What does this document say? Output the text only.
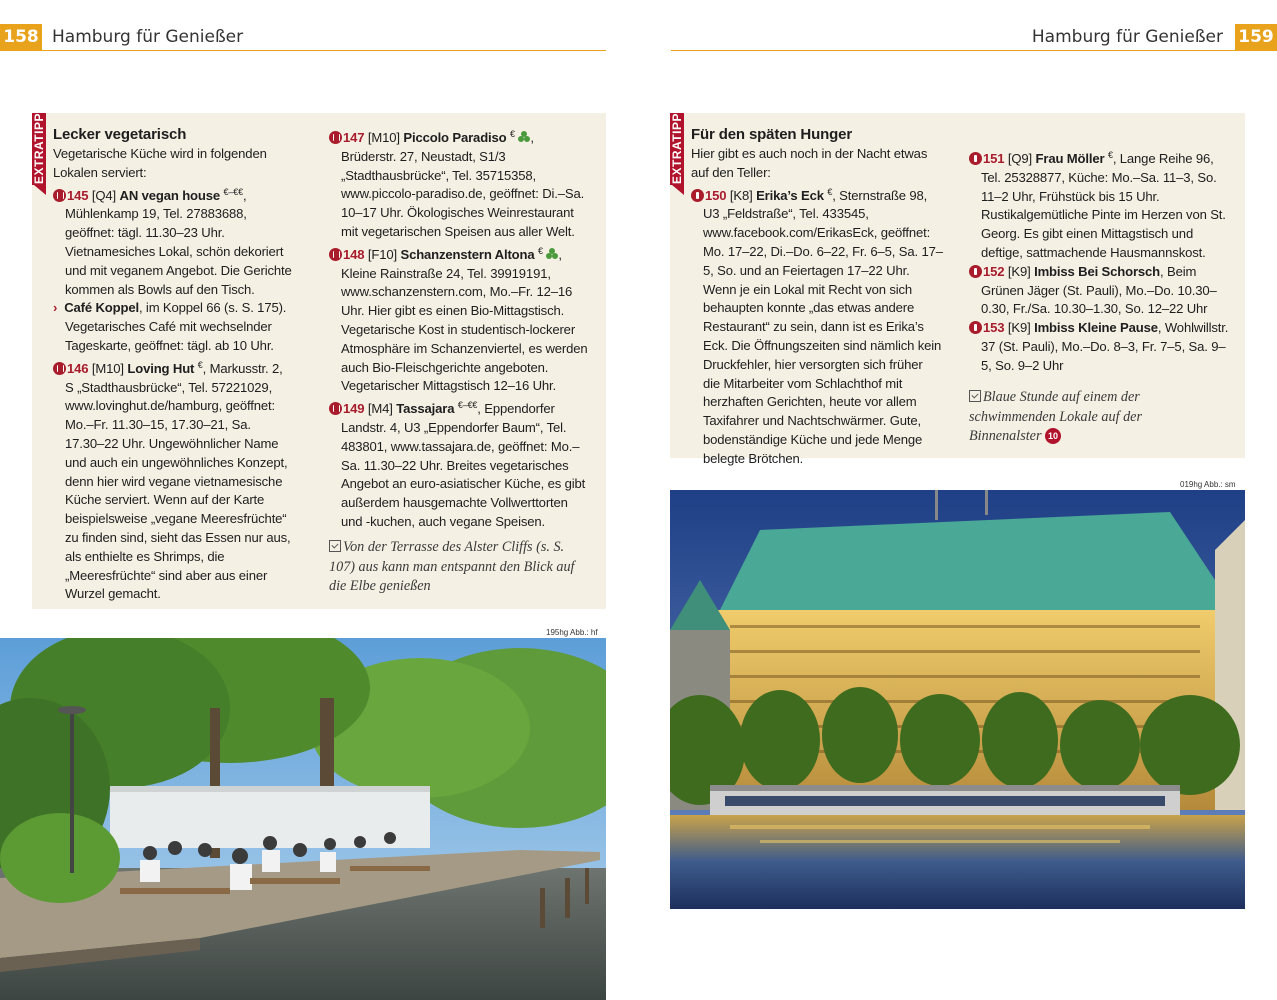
158 Hamburg für Genießer
EXTRATIPP Lecker vegetarisch
Vegetarische Küche wird in folgenden Lokalen serviert:
145 [Q4] AN vegan house €–€€, Mühlenkamp 19, Tel. 27883688, geöffnet: tägl. 11.30–23 Uhr. Vietnamesiches Lokal, schön dekoriert und mit veganem Angebot. Die Gerichte kommen als Bowls auf den Tisch.
› Café Koppel, im Koppel 66 (s. S. 175). Vegetarisches Café mit wechselnder Tageskarte, geöffnet: tägl. ab 10 Uhr.
146 [M10] Loving Hut €, Markusstr. 2, S „Stadthausbrücke“, Tel. 57221029, www.lovinghut.de/hamburg, geöffnet: Mo.–Fr. 11.30–15, 17.30–21, Sa. 17.30–22 Uhr. Ungewöhnlicher Name und auch ein ungewöhnliches Konzept, denn hier wird vegane vietnamesische Küche serviert. Wenn auf der Karte beispielsweise „vegane Meeresfrüchte“ zu finden sind, sieht das Essen nur aus, als enthielte es Shrimps, die „Meeresfrüchte“ sind aber aus einer Wurzel gemacht.
147 [M10] Piccolo Paradiso € , Brüderstr. 27, Neustadt, S1/3 „Stadthausbrücke“, Tel. 35715358, www.piccolo-paradiso.de, geöffnet: Di.–Sa. 10–17 Uhr. Ökologisches Weinrestaurant mit vegetarischen Speisen aus aller Welt.
148 [F10] Schanzenstern Altona € , Kleine Rainstraße 24, Tel. 39919191, www.schanzenstern.com, Mo.–Fr. 12–16 Uhr. Hier gibt es einen Bio-Mittagstisch. Vegetarische Kost in studentisch-lockerer Atmosphäre im Schanzenviertel, es werden auch Bio-Fleischgerichte angeboten. Vegetarischer Mittagstisch 12–16 Uhr.
149 [M4] Tassajara €–€€, Eppendorfer Landstr. 4, U3 „Eppendorfer Baum“, Tel. 483801, www.tassajara.de, geöffnet: Mo.–Sa. 11.30–22 Uhr. Breites vegetarisches Angebot an euro-asiatischer Küche, es gibt außerdem hausgemachte Vollwerttorten und -kuchen, auch vegane Speisen.
Von der Terrasse des Alster Cliffs (s. S. 107) aus kann man entspannt den Blick auf die Elbe genießen
195hg Abb.: hf
Hamburg für Genießer 159
EXTRATIPP Für den späten Hunger
Hier gibt es auch noch in der Nacht etwas auf den Teller:
150 [K8] Erika’s Eck €, Sternstraße 98, U3 „Feldstraße“, Tel. 433545, www.facebook.com/ErikasEck, geöffnet: Mo. 17–22, Di.–Do. 6–22, Fr. 6–5, Sa. 17–5, So. und an Feiertagen 17–22 Uhr. Wenn je ein Lokal mit Recht von sich behaupten konnte „das etwas andere Restaurant“ zu sein, dann ist es Erika’s Eck. Die Öffnungszeiten sind nämlich kein Druckfehler, hier versorgten sich früher die Mitarbeiter vom Schlachthof mit herzhaften Gerichten, heute vor allem Taxifahrer und Nachtschwärmer. Gute, bodenständige Küche und jede Menge belegte Brötchen.
151 [Q9] Frau Möller €, Lange Reihe 96, Tel. 25328877, Küche: Mo.–Sa. 11–3, So. 11–2 Uhr, Frühstück bis 15 Uhr. Rustikalgemütliche Pinte im Herzen von St. Georg. Es gibt einen Mittagstisch und deftige, sattmachende Hausmannskost.
152 [K9] Imbiss Bei Schorsch, Beim Grünen Jäger (St. Pauli), Mo.–Do. 10.30–0.30, Fr./Sa. 10.30–1.30, So. 12–22 Uhr
153 [K9] Imbiss Kleine Pause, Wohlwillstr. 37 (St. Pauli), Mo.–Do. 8–3, Fr. 7–5, Sa. 9–5, So. 9–2 Uhr
Blaue Stunde auf einem der schwimmenden Lokale auf der Binnenalster 10
019hg Abb.: sm
